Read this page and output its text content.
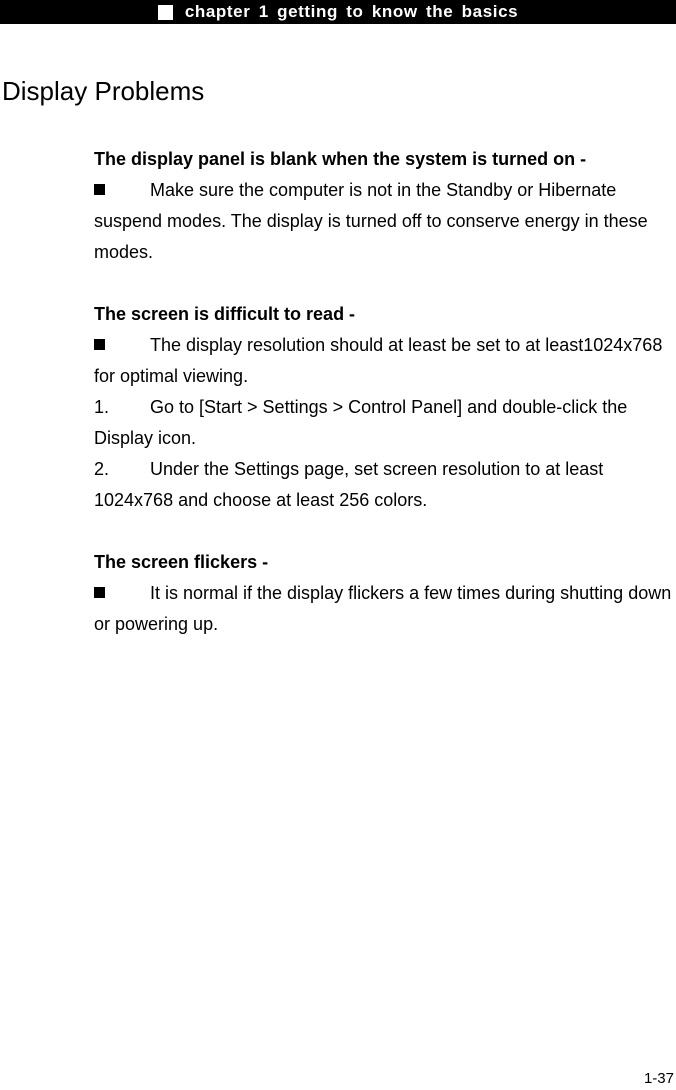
chapter 1 getting to know the basics
Display Problems
The display panel is blank when the system is turned on -
Make sure the computer is not in the Standby or Hibernate suspend modes. The display is turned off to conserve energy in these modes.
The screen is difficult to read -
The display resolution should at least be set to at least1024x768 for optimal viewing.
1. Go to [Start > Settings > Control Panel] and double-click the Display icon.
2. Under the Settings page, set screen resolution to at least 1024x768 and choose at least 256 colors.
The screen flickers -
It is normal if the display flickers a few times during shutting down or powering up.
1-37
